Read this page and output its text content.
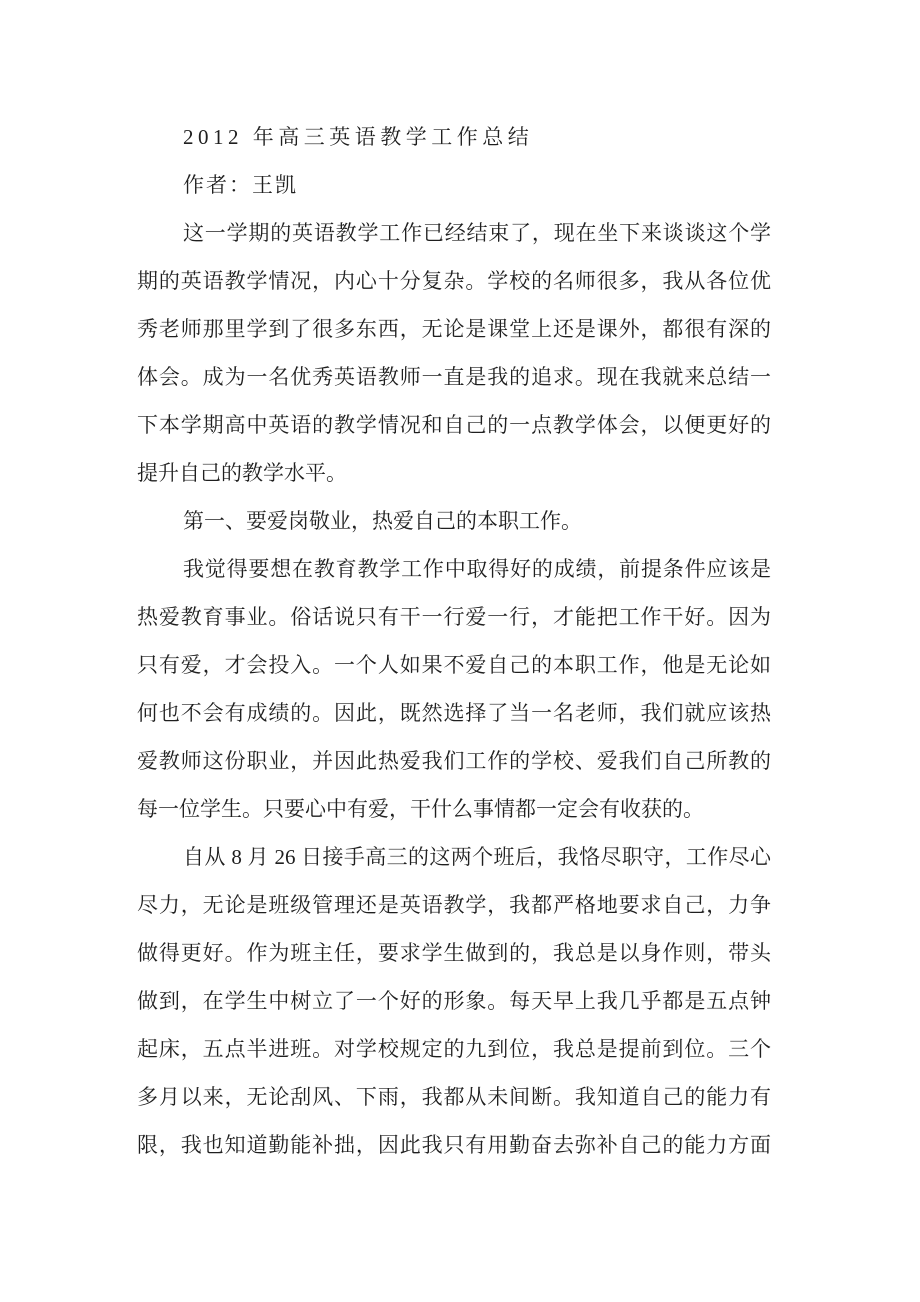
2012 年高三英语教学工作总结
作者：王凯
这一学期的英语教学工作已经结束了，现在坐下来谈谈这个学
期的英语教学情况，内心十分复杂。学校的名师很多，我从各位优
秀老师那里学到了很多东西，无论是课堂上还是课外，都很有深的
体会。成为一名优秀英语教师一直是我的追求。现在我就来总结一
下本学期高中英语的教学情况和自己的一点教学体会，以便更好的
提升自己的教学水平。
第一、要爱岗敬业，热爱自己的本职工作。
我觉得要想在教育教学工作中取得好的成绩，前提条件应该是
热爱教育事业。俗话说只有干一行爱一行，才能把工作干好。因为
只有爱，才会投入。一个人如果不爱自己的本职工作，他是无论如
何也不会有成绩的。因此，既然选择了当一名老师，我们就应该热
爱教师这份职业，并因此热爱我们工作的学校、爱我们自己所教的
每一位学生。只要心中有爱，干什么事情都一定会有收获的。
自从 8 月 26 日接手高三的这两个班后，我恪尽职守，工作尽心
尽力，无论是班级管理还是英语教学，我都严格地要求自己，力争
做得更好。作为班主任，要求学生做到的，我总是以身作则，带头
做到，在学生中树立了一个好的形象。每天早上我几乎都是五点钟
起床，五点半进班。对学校规定的九到位，我总是提前到位。三个
多月以来，无论刮风、下雨，我都从未间断。我知道自己的能力有
限，我也知道勤能补拙，因此我只有用勤奋去弥补自己的能力方面
